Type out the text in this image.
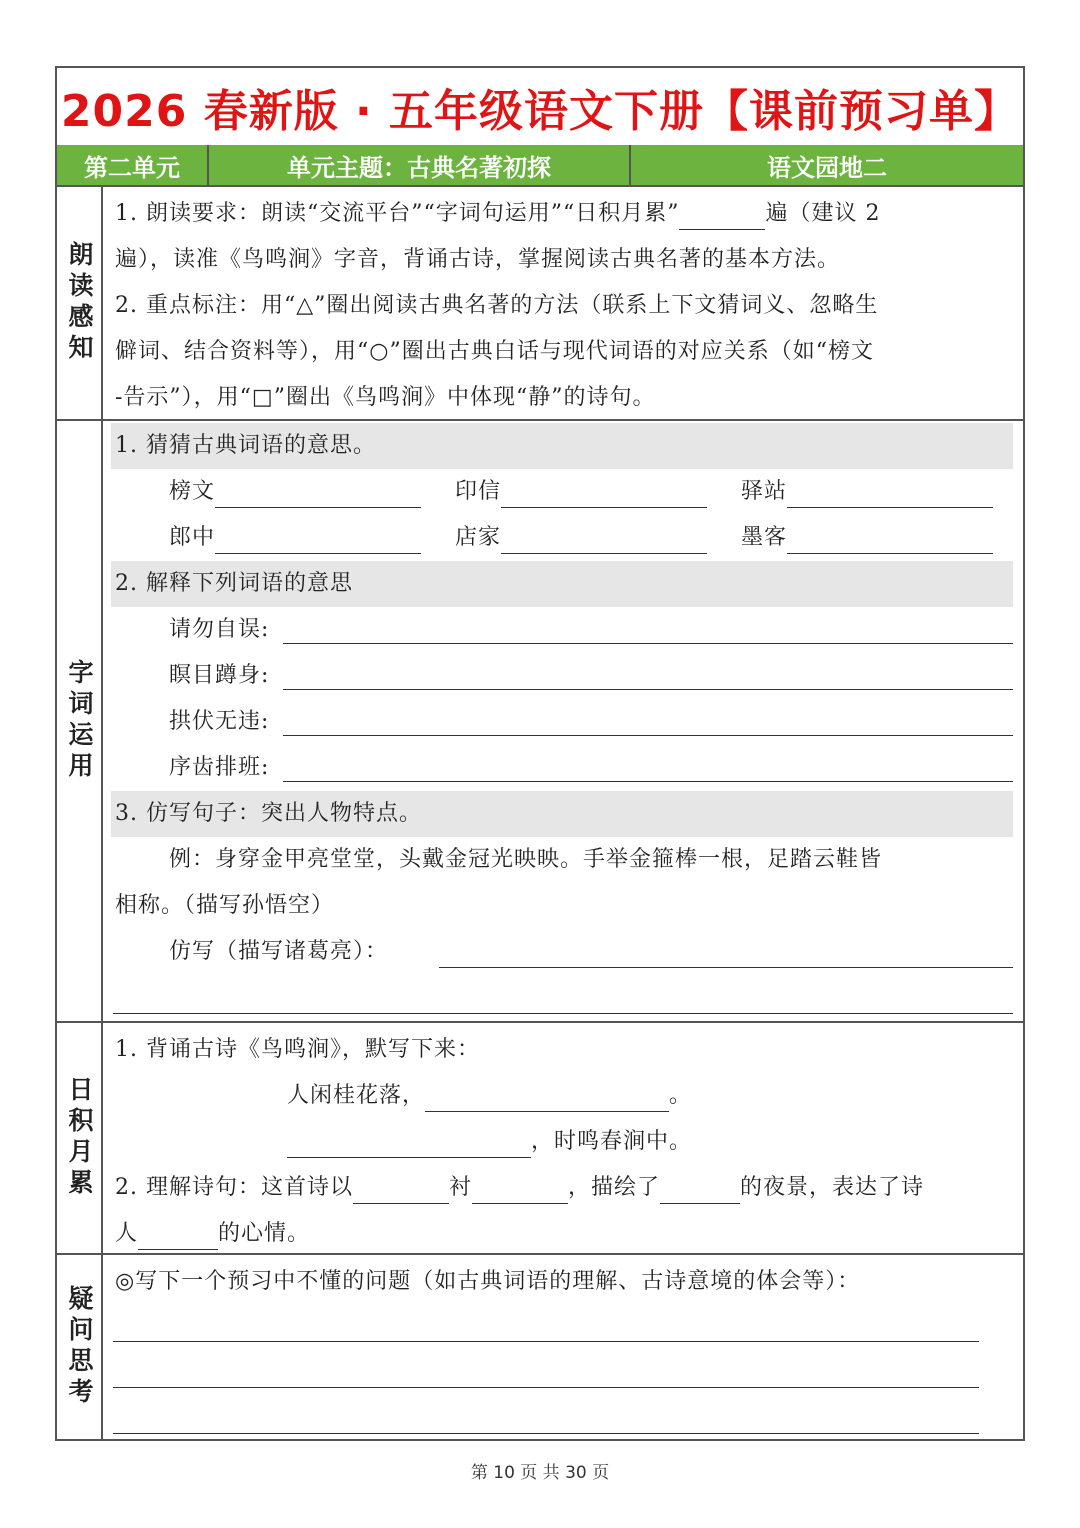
2026 春新版 · 五年级语文下册【课前预习单】
第二单元	单元主题：古典名著初探	语文园地二
朗读感知
1. 朗读要求：朗读“交流平台”“字词句运用”“日积月累”	遍（建议 2
遍），读准《鸟鸣涧》字音，背诵古诗，掌握阅读古典名著的基本方法。
2. 重点标注：用“△”圈出阅读古典名著的方法（联系上下文猜词义、忽略生
僻词、结合资料等），用“○”圈出古典白话与现代词语的对应关系（如“榜文
-告示”），用“□”圈出《鸟鸣涧》中体现“静”的诗句。
字词运用
1. 猜猜古典词语的意思。
榜文	印信	驿站
郎中	店家	墨客
2. 解释下列词语的意思
请勿自误:
瞑目蹲身:
拱伏无违:
序齿排班:
3. 仿写句子：突出人物特点。
例：身穿金甲亮堂堂，头戴金冠光映映。手举金箍棒一根，足踏云鞋皆
相称。（描写孙悟空）
仿写（描写诸葛亮）：
日积月累
1. 背诵古诗《鸟鸣涧》，默写下来：
人闲桂花落，	。
，时鸣春涧中。
2. 理解诗句：这首诗以	衬	，描绘了	的夜景，表达了诗
人	的心情。
疑问思考
◎写下一个预习中不懂的问题（如古典词语的理解、古诗意境的体会等）：
第 10 页 共 30 页
